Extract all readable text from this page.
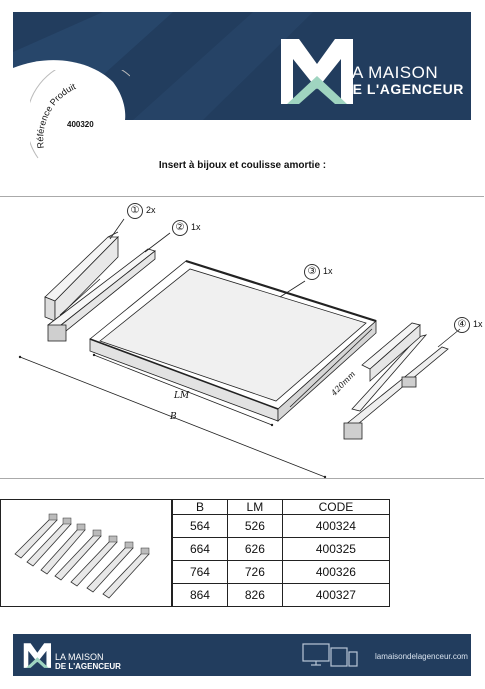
LA MAISON
DE L'AGENCEUR
Référence Produit
400320
Insert à bijoux et coulisse amortie :
① 2x
② 1x
③ 1x
④ 1x
LM
B
420mm
B	LM	CODE
564	526	400324
664	626	400325
764	726	400326
864	826	400327
LA MAISON
DE L'AGENCEUR
lamaisondelagenceur.com
